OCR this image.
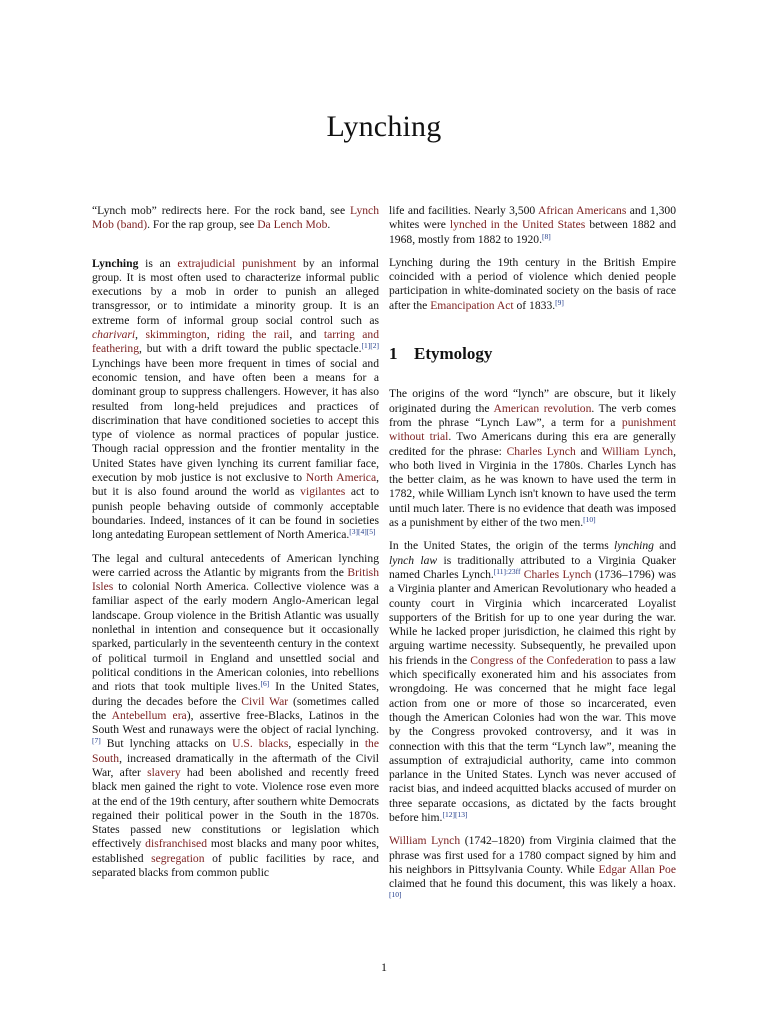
Lynching

“Lynch mob” redirects here. For the rock band, see Lynch Mob (band). For the rap group, see Da Lench Mob.

Lynching is an extrajudicial punishment by an informal group. It is most often used to characterize informal public executions by a mob in order to punish an alleged transgressor, or to intimidate a minority group. It is an extreme form of informal group social control such as charivari, skimmington, riding the rail, and tarring and feathering, but with a drift toward the public spectacle.[1][2] Lynchings have been more frequent in times of social and economic tension, and have often been a means for a dominant group to suppress challengers. However, it has also resulted from long-held prejudices and practices of discrimination that have conditioned societies to accept this type of violence as normal practices of popular justice. Though racial oppression and the frontier mentality in the United States have given lynching its current familiar face, execution by mob justice is not exclusive to North America, but it is also found around the world as vigilantes act to punish people behaving outside of commonly acceptable boundaries. Indeed, instances of it can be found in societies long antedating European settlement of North America.[3][4][5]

The legal and cultural antecedents of American lynching were carried across the Atlantic by migrants from the British Isles to colonial North America. Collective violence was a familiar aspect of the early modern Anglo-American legal landscape. Group violence in the British Atlantic was usually nonlethal in intention and consequence but it occasionally sparked, particularly in the seventeenth century in the context of political turmoil in England and unsettled social and political conditions in the American colonies, into rebellions and riots that took multiple lives.[6] In the United States, during the decades before the Civil War (sometimes called the Antebellum era), assertive free-Blacks, Latinos in the South West and runaways were the object of racial lynching.[7] But lynching attacks on U.S. blacks, especially in the South, increased dramatically in the aftermath of the Civil War, after slavery had been abolished and recently freed black men gained the right to vote. Violence rose even more at the end of the 19th century, after southern white Democrats regained their political power in the South in the 1870s. States passed new constitutions or legislation which effectively disfranchised most blacks and many poor whites, established segregation of public facilities by race, and separated blacks from common public

life and facilities. Nearly 3,500 African Americans and 1,300 whites were lynched in the United States between 1882 and 1968, mostly from 1882 to 1920.[8]

Lynching during the 19th century in the British Empire coincided with a period of violence which denied people participation in white-dominated society on the basis of race after the Emancipation Act of 1833.[9]

1 Etymology

The origins of the word “lynch” are obscure, but it likely originated during the American revolution. The verb comes from the phrase “Lynch Law”, a term for a punishment without trial. Two Americans during this era are generally credited for the phrase: Charles Lynch and William Lynch, who both lived in Virginia in the 1780s. Charles Lynch has the better claim, as he was known to have used the term in 1782, while William Lynch isn't known to have used the term until much later. There is no evidence that death was imposed as a punishment by either of the two men.[10]

In the United States, the origin of the terms lynching and lynch law is traditionally attributed to a Virginia Quaker named Charles Lynch.$^{[11]:23ff}$ Charles Lynch (1736–1796) was a Virginia planter and American Revolutionary who headed a county court in Virginia which incarcerated Loyalist supporters of the British for up to one year during the war. While he lacked proper jurisdiction, he claimed this right by arguing wartime necessity. Subsequently, he prevailed upon his friends in the Congress of the Confederation to pass a law which specifically exonerated him and his associates from wrongdoing. He was concerned that he might face legal action from one or more of those so incarcerated, even though the American Colonies had won the war. This move by the Congress provoked controversy, and it was in connection with this that the term “Lynch law”, meaning the assumption of extrajudicial authority, came into common parlance in the United States. Lynch was never accused of racist bias, and indeed acquitted blacks accused of murder on three separate occasions, as dictated by the facts brought before him.[12][13]

William Lynch (1742–1820) from Virginia claimed that the phrase was first used for a 1780 compact signed by him and his neighbors in Pittsylvania County. While Edgar Allan Poe claimed that he found this document, this was likely a hoax.[10]

1
